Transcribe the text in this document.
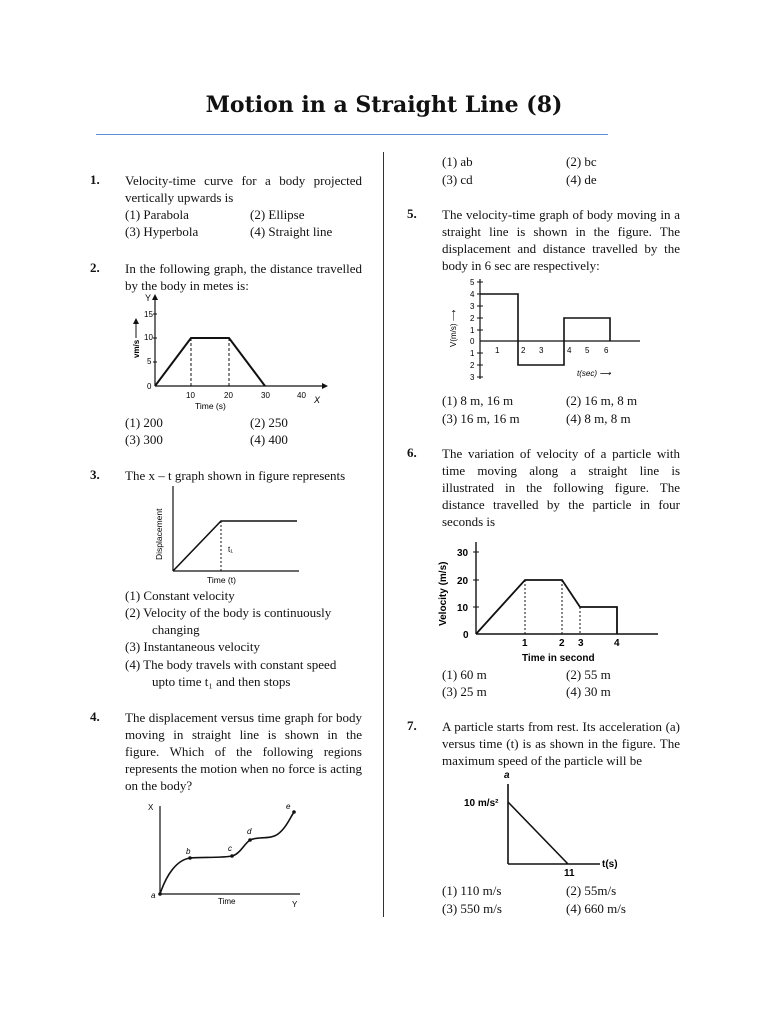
Motion in a Straight Line (8)
1. Velocity-time curve for a body projected vertically upwards is
(1) Parabola	(2) Ellipse
(3) Hyperbola	(4) Straight line
2. In the following graph, the distance travelled by the body in metes is:
Y
X
15
10
5
0
10	20	30	40
Time (s)
vm/s
(1) 200	(2) 250
(3) 300	(4) 400
3. The x – t graph shown in figure represents
t₁
Time (t)
Displacement
(1) Constant velocity
(2) Velocity of the body is continuously
changing
(3) Instantaneous velocity
(4) The body travels with constant speed
upto time t₁ and then stops
4. The displacement versus time graph for body moving in straight line is shown in the figure. Which of the following regions represents the motion when no force is acting on the body?
X
Y
Time
a
b	c
d
e
(1) ab	(2) bc
(3) cd	(4) de
5. The velocity-time graph of body moving in a straight line is shown in the figure. The displacement and distance travelled by the body in 6 sec are respectively:
5
4
3
2
1
0
1
2
3
1	2 3	4 5 6
t(sec) ⟶
V(m/s) ⟶
(1) 8 m, 16 m	(2) 16 m, 8 m
(3) 16 m, 16 m	(4) 8 m, 8 m
6. The variation of velocity of a particle with time moving along a straight line is illustrated in the following figure. The distance travelled by the particle in four seconds is
30
20
10
0
1	2 3	4
Time in second
Velocity (m/s)
(1) 60 m	(2) 55 m
(3) 25 m	(4) 30 m
7. A particle starts from rest. Its acceleration (a) versus time (t) is as shown in the figure. The maximum speed of the particle will be
a
10 m/s²
t(s)
11
(1) 110 m/s	(2) 55m/s
(3) 550 m/s	(4) 660 m/s
